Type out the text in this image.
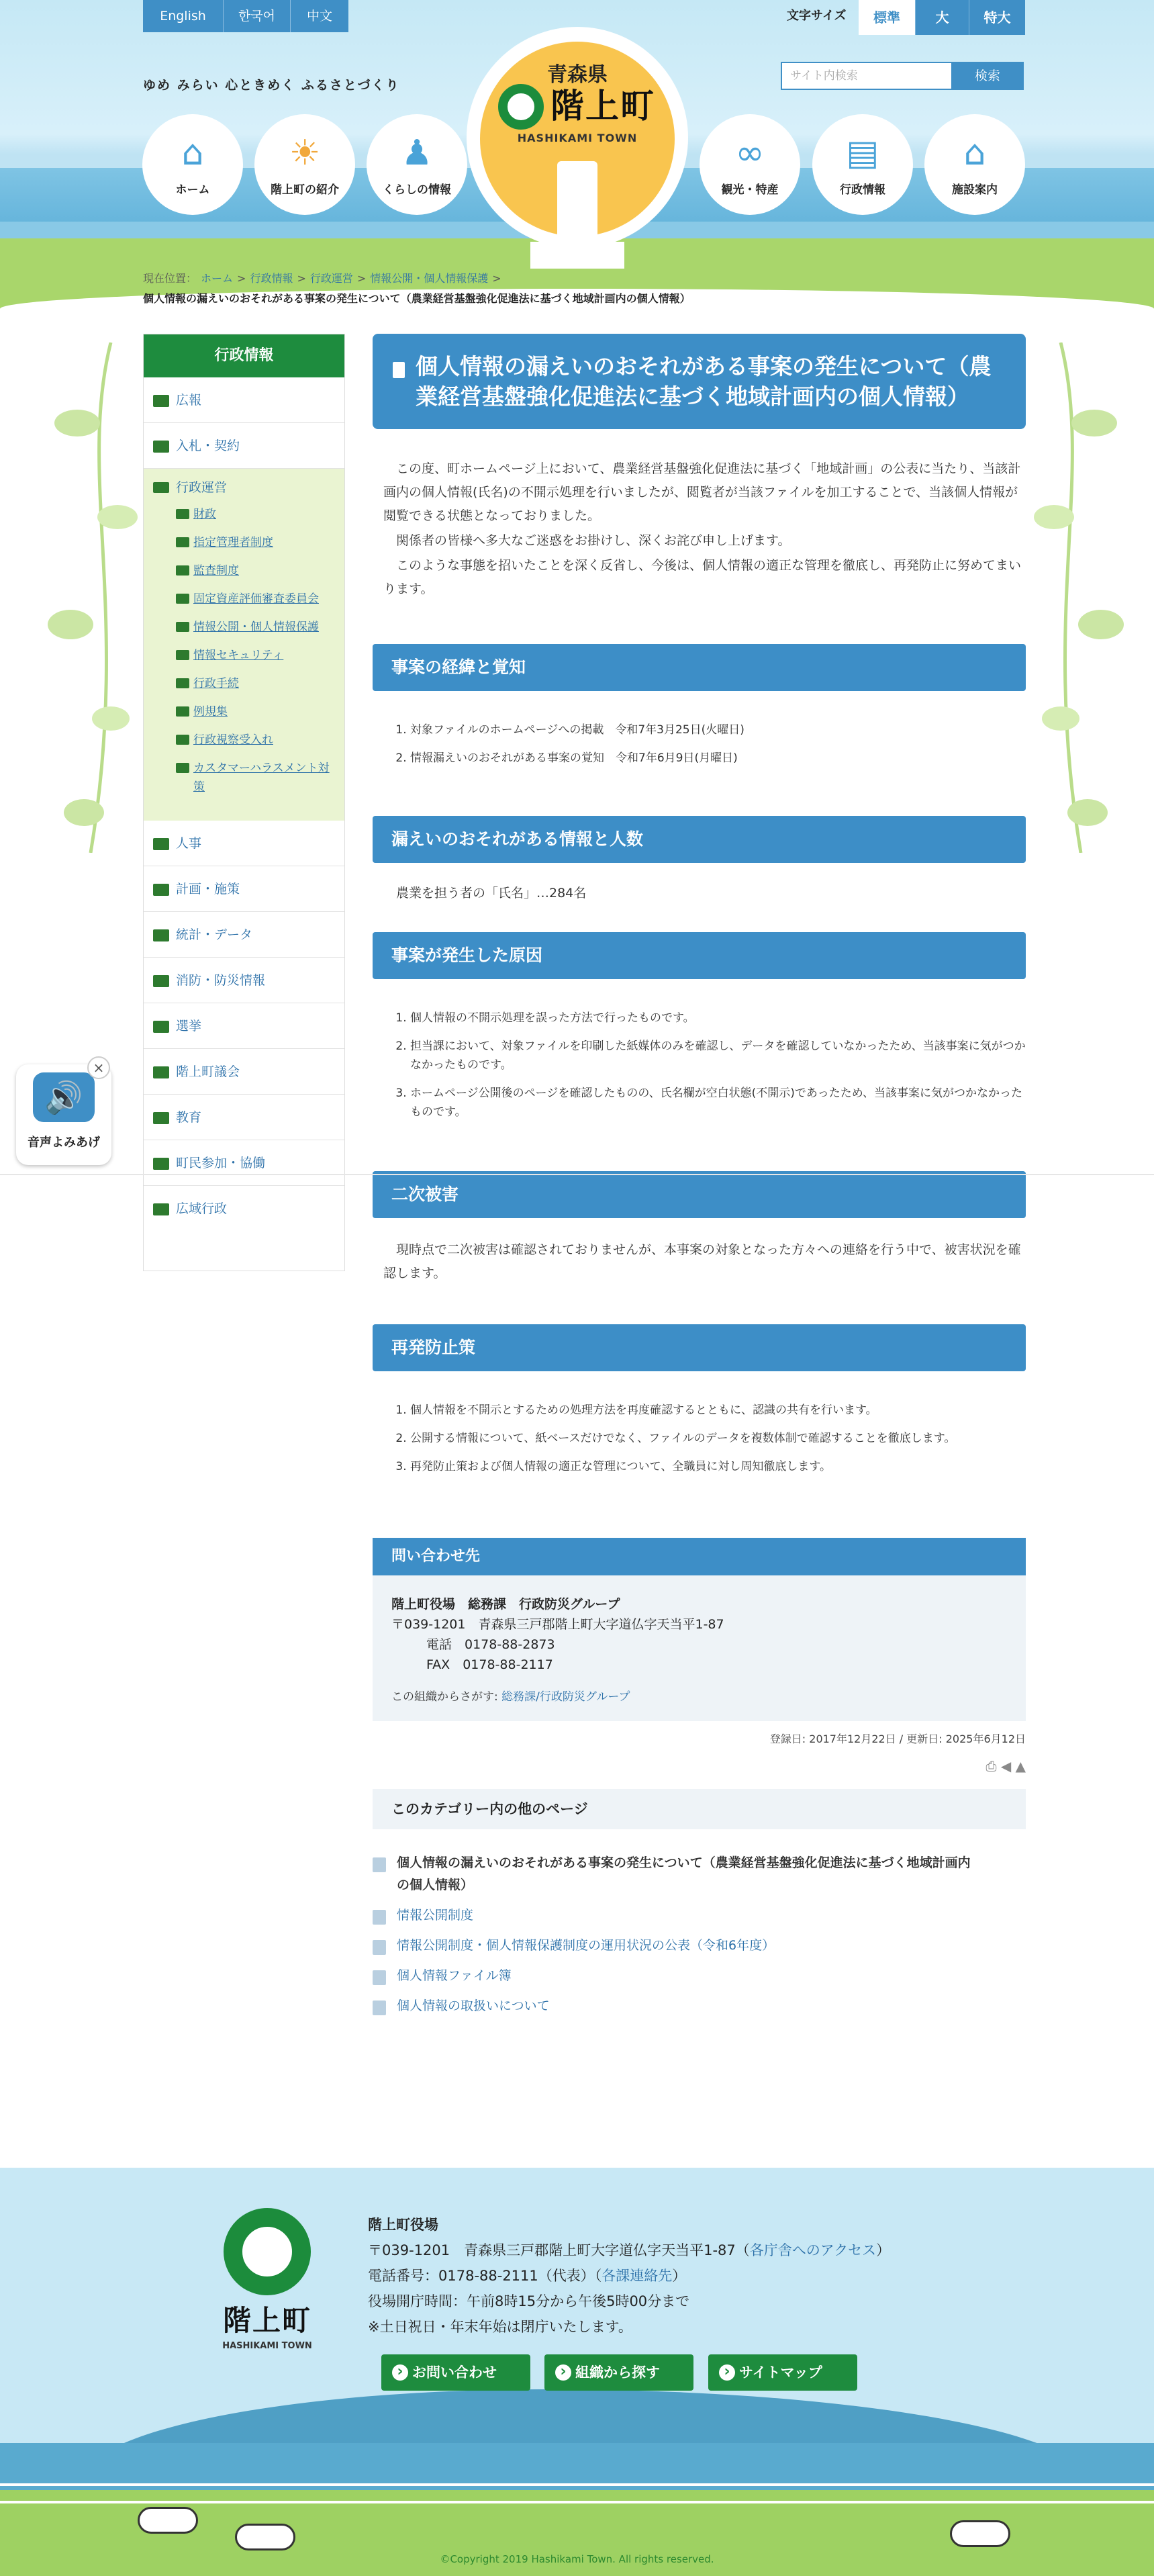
English	한국어	中文	文字サイズ	標準	大	特大
ゆめ みらい 心ときめく ふるさとづくり
サイト内検索	検索
青森県
階上町
HASHIKAMI TOWN
⌂
ホーム
☀
階上町の紹介
♟
くらしの情報
∞
観光・特産
▤
行政情報
⌂
施設案内
現在位置： ホーム > 行政情報 > 行政運営 > 情報公開・個人情報保護 >
個人情報の漏えいのおそれがある事案の発生について（農業経営基盤強化促進法に基づく地域計画内の個人情報）
行政情報
広報
入札・契約
行政運営
財政
指定管理者制度
監査制度
固定資産評価審査委員会
情報公開・個人情報保護
情報セキュリティ
行政手続
例規集
行政視察受入れ
カスタマーハラスメント対策
人事
計画・施策
統計・データ
消防・防災情報
選挙
階上町議会
教育
町民参加・協働
広域行政
個人情報の漏えいのおそれがある事案の発生について（農業経営基盤強化促進法に基づく地域計画内の個人情報）

この度、町ホームページ上において、農業経営基盤強化促進法に基づく「地域計画」の公表に当たり、当該計画内の個人情報(氏名)の不開示処理を行いましたが、閲覧者が当該ファイルを加工することで、当該個人情報が閲覧できる状態となっておりました。

関係者の皆様へ多大なご迷惑をお掛けし、深くお詫び申し上げます。

このような事態を招いたことを深く反省し、今後は、個人情報の適正な管理を徹底し、再発防止に努めてまいります。

事案の経緯と覚知
1. 対象ファイルのホームページへの掲載　令和7年3月25日(火曜日)
2. 情報漏えいのおそれがある事案の覚知　令和7年6月9日(月曜日)
漏えいのおそれがある情報と人数

農業を担う者の「氏名」…284名

事案が発生した原因
1. 個人情報の不開示処理を誤った方法で行ったものです。
2. 担当課において、対象ファイルを印刷した紙媒体のみを確認し、データを確認していなかったため、当該事案に気がつかなかったものです。
3. ホームページ公開後のページを確認したものの、氏名欄が空白状態(不開示)であったため、当該事案に気がつかなかったものです。
二次被害

現時点で二次被害は確認されておりませんが、本事案の対象となった方々への連絡を行う中で、被害状況を確認します。

再発防止策
1. 個人情報を不開示とするための処理方法を再度確認するとともに、認識の共有を行います。
2. 公開する情報について、紙ベースだけでなく、ファイルのデータを複数体制で確認することを徹底します。
3. 再発防止策および個人情報の適正な管理について、全職員に対し周知徹底します。
問い合わせ先
階上町役場　総務課　行政防災グループ
〒039-1201　青森県三戸郡階上町大字道仏字天当平1-87
電話　0178-88-2873
FAX　0178-88-2117
この組織からさがす: 総務課/行政防災グループ
登録日: 2017年12月22日 / 更新日: 2025年6月12日
⎙ ◀ ▲
このカテゴリー内の他のページ
個人情報の漏えいのおそれがある事案の発生について（農業経営基盤強化促進法に基づく地域計画内の個人情報）
情報公開制度
情報公開制度・個人情報保護制度の運用状況の公表（令和6年度）
個人情報ファイル簿
個人情報の取扱いについて
🔊
音声よみあげ
×
階上町
HASHIKAMI TOWN
階上町役場
〒039-1201　青森県三戸郡階上町大字道仏字天当平1-87（各庁舎へのアクセス）
電話番号：0178-88-2111（代表）（各課連絡先）
役場開庁時間：午前8時15分から午後5時00分まで
※土日祝日・年末年始は閉庁いたします。
› お問い合わせ	› 組織から探す	› サイトマップ
©Copyright 2019 Hashikami Town. All rights reserved.
